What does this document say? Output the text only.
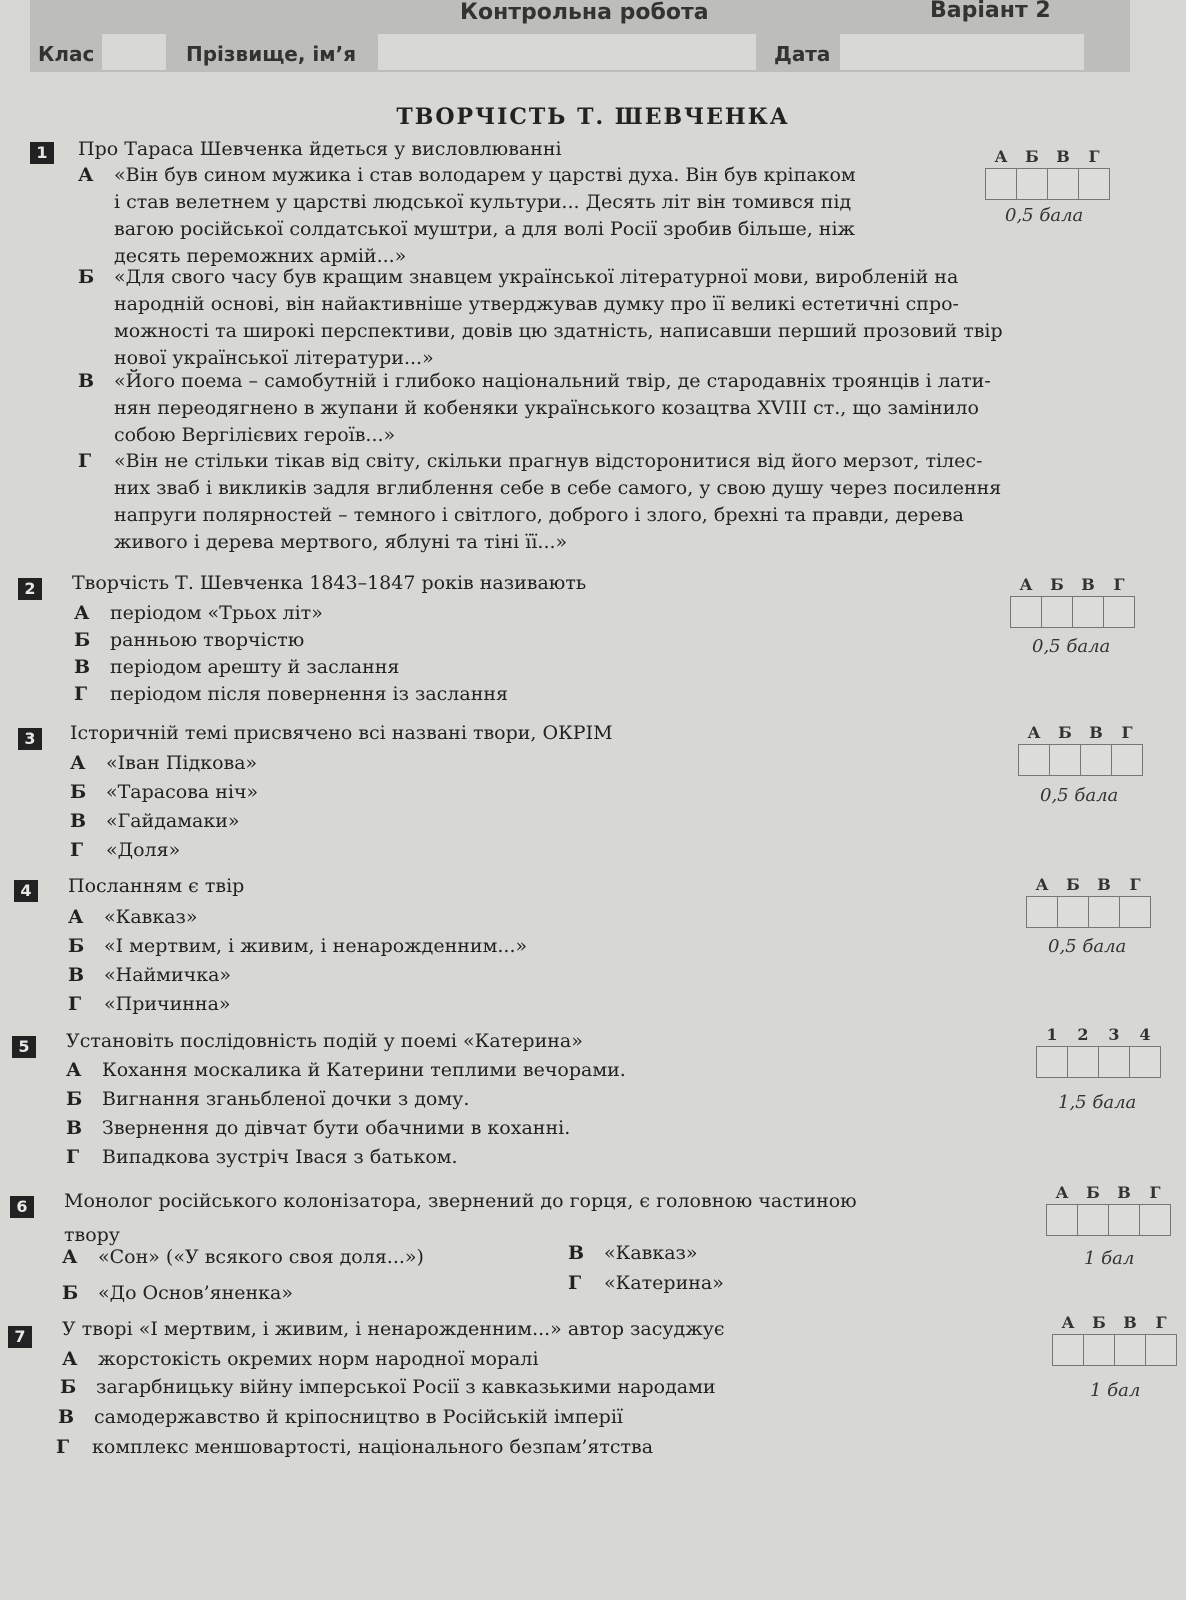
Контрольна робота	Варіант 2
Клас	Прізвище, ім’я	Дата
ТВОРЧІСТЬ Т. ШЕВЧЕНКА
1	Про Тараса Шевченка йдеться у висловлюванні
А «Він був сином мужика і став володарем у царстві духа. Він був кріпаком
і став велетнем у царстві людської культури... Десять літ він томився під
вагою російської солдатської муштри, а для волі Росії зробив більше, ніж
десять переможних армій...»
Б «Для свого часу був кращим знавцем української літературної мови, виробленій на
народній основі, він найактивніше утверджував думку про її великі естетичні спро-
можності та широкі перспективи, довів цю здатність, написавши перший прозовий твір
нової української літератури...»
В «Його поема – самобутній і глибоко національний твір, де стародавніх троянців і лати-
нян переодягнено в жупани й кобеняки українського козацтва XVIII ст., що замінило
собою Вергілієвих героїв...»
Г «Він не стільки тікав від світу, скільки прагнув відсторонитися від його мерзот, тілес-
них зваб і викликів задля вглиблення себе в себе самого, у свою душу через посилення
напруги полярностей – темного і світлого, доброго і злого, брехні та правди, дерева
живого і дерева мертвого, яблуні та тіні її...»
А	Б	В	Г

0,5 бала
2	Творчість Т. Шевченка 1843–1847 років називають
А періодом «Трьох літ»
Б ранньою творчістю
В періодом арешту й заслання
Г періодом після повернення із заслання
А	Б	В	Г

0,5 бала
3	Історичній темі присвячено всі названі твори, ОКРІМ
А «Іван Підкова»
Б «Тарасова ніч»
В «Гайдамаки»
Г «Доля»
А	Б	В	Г

0,5 бала
4	Посланням є твір
А «Кавказ»
Б «І мертвим, і живим, і ненарожденним...»
В «Наймичка»
Г «Причинна»
А	Б	В	Г

0,5 бала
5	Установіть послідовність подій у поемі «Катерина»
А Кохання москалика й Катерини теплими вечорами.
Б Вигнання зганьбленої дочки з дому.
В Звернення до дівчат бути обачними в коханні.
Г Випадкова зустріч Івася з батьком.
1	2	3	4

1,5 бала
6	Монолог російського колонізатора, звернений до горця, є головною частиною
твору
А «Сон» («У всякого своя доля...»)
Б «До Основ’яненка»
В «Кавказ»
Г «Катерина»
А	Б	В	Г

1 бал
7	У творі «І мертвим, і живим, і ненарожденним...» автор засуджує
А жорстокість окремих норм народної моралі
Б загарбницьку війну імперської Росії з кавказькими народами
В самодержавство й кріпосництво в Російській імперії
Г комплекс меншовартості, національного безпам’ятства
А	Б	В	Г

1 бал
